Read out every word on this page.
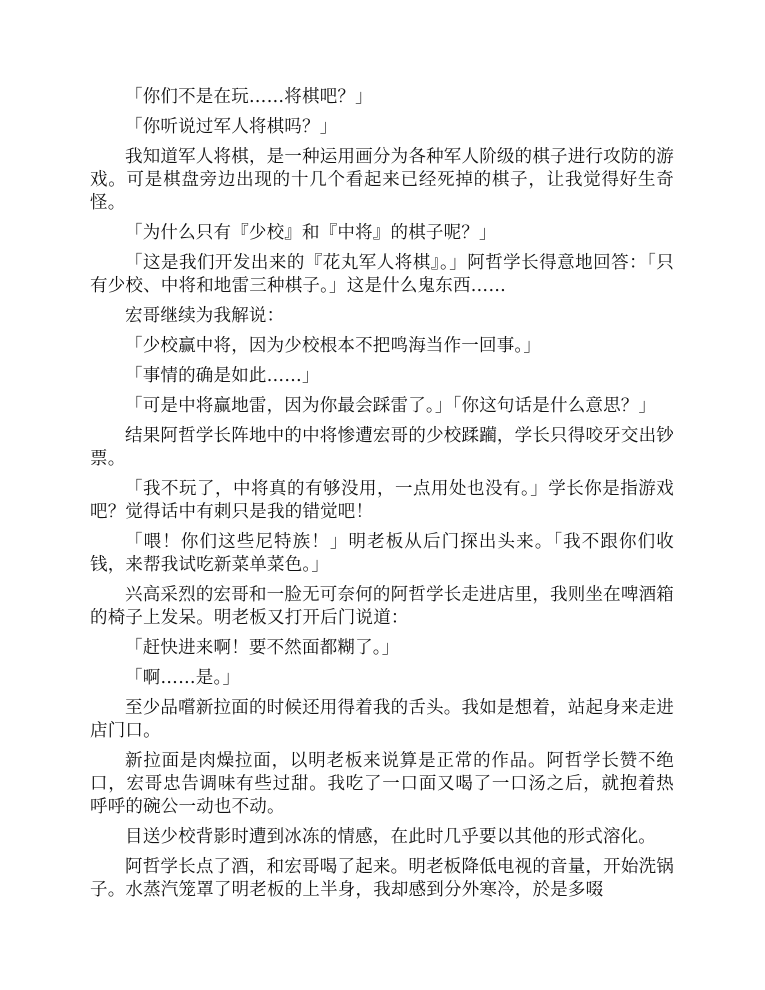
「你们不是在玩……将棋吧？」

「你听说过军人将棋吗？」

我知道军人将棋，是一种运用画分为各种军人阶级的棋子进行攻防的游戏。可是棋盘旁边出现的十几个看起来已经死掉的棋子，让我觉得好生奇怪。

「为什么只有『少校』和『中将』的棋子呢？」

「这是我们开发出来的『花丸军人将棋』。」阿哲学长得意地回答：「只有少校、中将和地雷三种棋子。」这是什么鬼东西……

宏哥继续为我解说：

「少校赢中将，因为少校根本不把鸣海当作一回事。」

「事情的确是如此……」

「可是中将赢地雷，因为你最会踩雷了。」「你这句话是什么意思？」

结果阿哲学长阵地中的中将惨遭宏哥的少校蹂躏，学长只得咬牙交出钞票。

「我不玩了，中将真的有够没用，一点用处也没有。」学长你是指游戏吧？觉得话中有刺只是我的错觉吧！

「喂！你们这些尼特族！」明老板从后门探出头来。「我不跟你们收钱，来帮我试吃新菜单菜色。」

兴高采烈的宏哥和一脸无可奈何的阿哲学长走进店里，我则坐在啤酒箱的椅子上发呆。明老板又打开后门说道：

「赶快进来啊！要不然面都糊了。」

「啊……是。」

至少品嚐新拉面的时候还用得着我的舌头。我如是想着，站起身来走进店门口。

新拉面是肉燥拉面，以明老板来说算是正常的作品。阿哲学长赞不绝口，宏哥忠告调味有些过甜。我吃了一口面又喝了一口汤之后，就抱着热呼呼的碗公一动也不动。

目送少校背影时遭到冰冻的情感，在此时几乎要以其他的形式溶化。

阿哲学长点了酒，和宏哥喝了起来。明老板降低电视的音量，开始洗锅子。水蒸汽笼罩了明老板的上半身，我却感到分外寒冷，於是多啜
